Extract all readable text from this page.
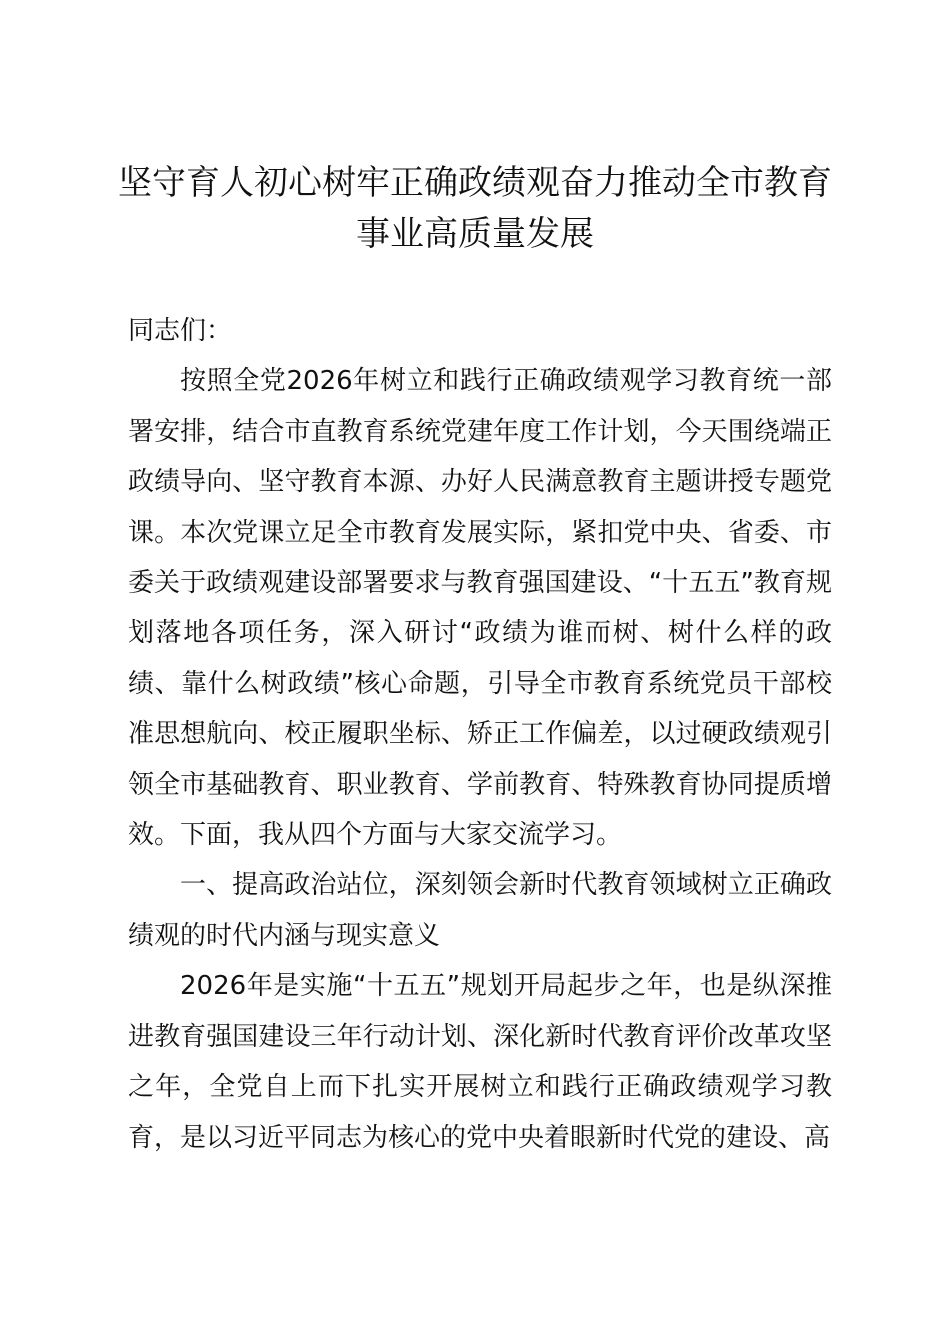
坚守育人初心树牢正确政绩观奋力推动全市教育事业高质量发展

同志们：

按照全党2026年树立和践行正确政绩观学习教育统一部署安排，结合市直教育系统党建年度工作计划，今天围绕端正政绩导向、坚守教育本源、办好人民满意教育主题讲授专题党课。本次党课立足全市教育发展实际，紧扣党中央、省委、市委关于政绩观建设部署要求与教育强国建设、“十五五”教育规划落地各项任务，深入研讨“政绩为谁而树、树什么样的政绩、靠什么树政绩”核心命题，引导全市教育系统党员干部校准思想航向、校正履职坐标、矫正工作偏差，以过硬政绩观引领全市基础教育、职业教育、学前教育、特殊教育协同提质增效。下面，我从四个方面与大家交流学习。

一、提高政治站位，深刻领会新时代教育领域树立正确政绩观的时代内涵与现实意义

2026年是实施“十五五”规划开局起步之年，也是纵深推进教育强国建设三年行动计划、深化新时代教育评价改革攻坚之年，全党自上而下扎实开展树立和践行正确政绩观学习教育，是以习近平同志为核心的党中央着眼新时代党的建设、高
